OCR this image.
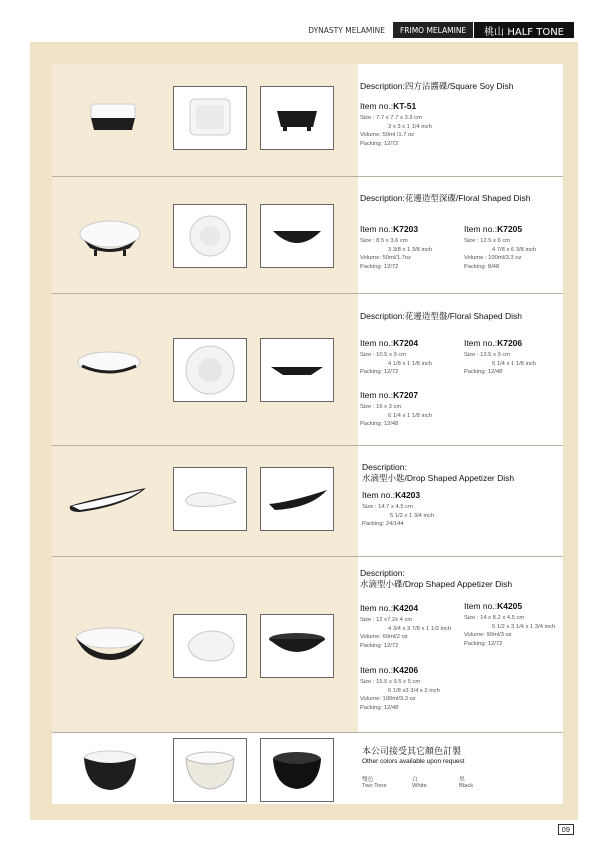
DYNASTY MELAMINE	FRIMO MELAMINE	桃山 HALF TONE
Description:四方沾醬碟/Square Soy Dish
Item no.:KT-51
Size : 7.7 x 7.7 x 3.3 cm
3 x 3 x 1 1/4 inch
Volume: 50ml /1.7 oz
Packing: 12/72
Description:花邊造型深碟/Floral Shaped Dish
Item no.:K7203
Size : 8.5 x 3.6 cm
3 3/8 x 1 3/8 inch
Volume: 50ml/1.7oz
Packing: 12/72
Item no.:K7205
Size : 12.5 x 6 cm
4 7/8 x 6 3/8 inch
Volume : 100ml/3.3 oz
Packing: 8/48
Description:花邊造型盤/Floral Shaped Dish
Item no.:K7204
Size : 10.5 x 3 cm
4 1/8 x 1 1/8 inch
Packing: 12/72
Item no.:K7206
Size : 13.5 x 3 cm
5 1/4 x 1 1/8 inch
Packing: 12/48
Item no.:K7207
Size : 16 x 3 cm
6 1/4 x 1 1/8 inch
Packing: 12/48
Description:
水滴型小匙/Drop Shaped Appetizer Dish
Item no.:K4203
Size : 14.7 x 4.5 cm
5 1/2 x 1 3/4 inch
Packing: 24/144
Description:
水滴型小碟/Drop Shaped Appetizer Dish
Item no.:K4204
Size : 12 x7.2x 4 cm
4 3/4 x 3 7/8 x 1 1/2 inch
Volume: 60ml/2 oz
Packing: 12/72
Item no.:K4205
Size : 14 x 8.2 x 4.5 cm
5 1/2 x 3 1/4 x 1 3/4 inch
Volume: 90ml/3 oz
Packing: 12/72
Item no.:K4206
Size : 15.5 x 9.5 x 5 cm
6 1/8 x3 3/4 x 2 inch
Volume: 100ml/3.3 oz
Packing: 12/48
本公司接受其它顏色訂製
Other colors available upon request
雙色
Two Tone
白
White
黑
Black
09
